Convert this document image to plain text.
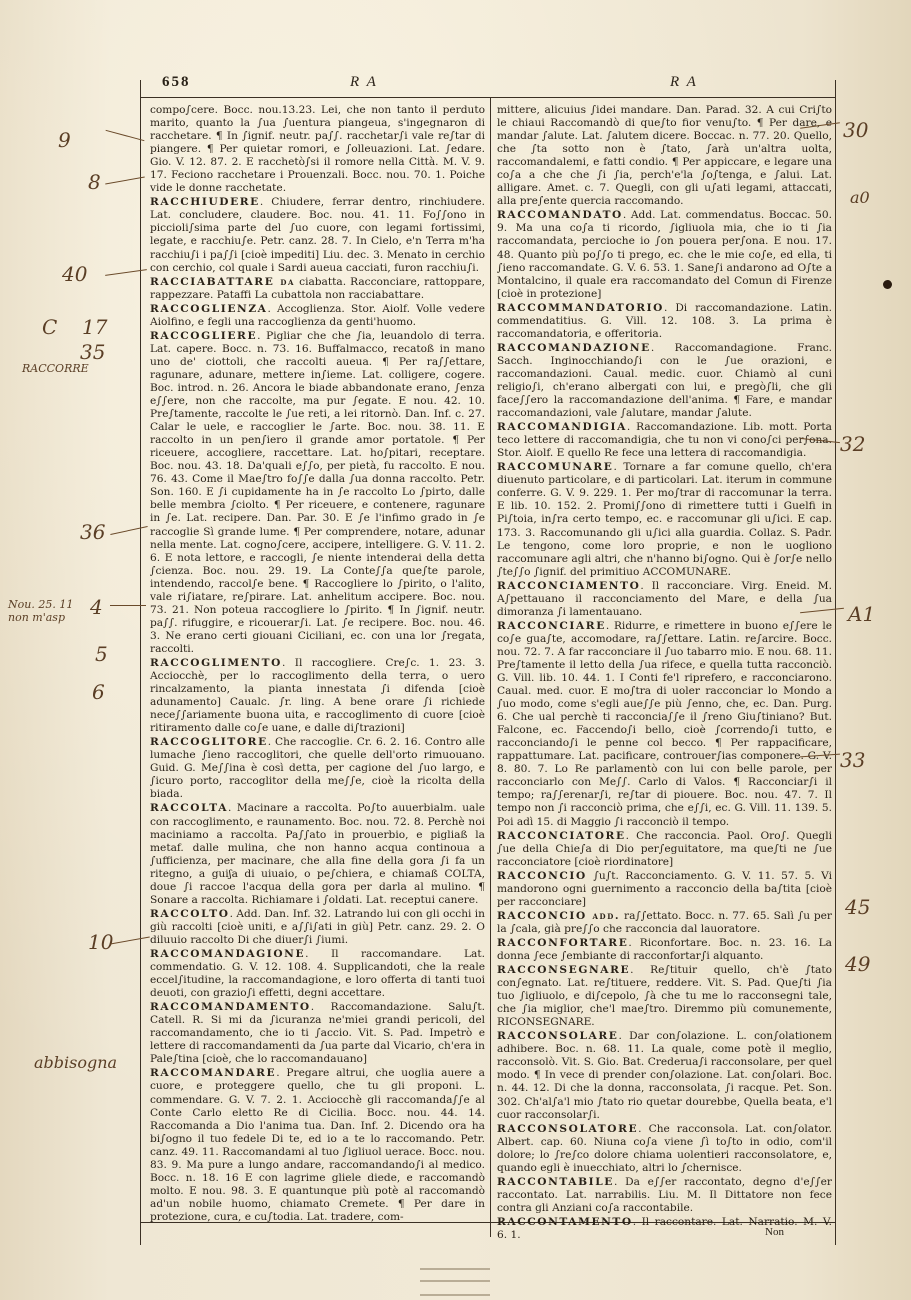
658	R A	R A

compo∫cere. Bocc. nou.13.23. Lei, che non tanto il perduto marito, quanto la ∫ua ∫uentura piangeua, s'ingegnaron di racchetare. ¶ In ∫ignif. neutr. pa∫∫. racchetar∫i vale re∫tar di piangere. ¶ Per quietar romori, e ∫olleuazioni. Lat. ∫edare. Gio. V. 12. 87. 2. E racchetò∫si il romore nella Città. M. V. 9. 17. Feciono racchetare i Prouenzali. Bocc. nou. 70. 1. Poiche vide le donne racchetate.

RACCHIUDERE. Chiudere, ferrar dentro, rinchiudere. Lat. concludere, claudere. Boc. nou. 41. 11. Fo∫∫ono in piccioli∫sima parte del ∫uo cuore, con legami fortissimi, legate, e racchiu∫e. Petr. canz. 28. 7. In Cielo, e'n Terra m'ha racchiu∫i i pa∫∫i [cioè impediti] Liu. dec. 3. Menato in cerchio con cerchio, col quale i Sardi aueua cacciati, furon racchiu∫i.

RACCIABATTARE da ciabatta. Racconciare, rattoppare, rappezzare. Pataffi La cubattola non racciabattare.

RACCOGLIENZA. Accoglienza. Stor. Aiolf. Volle vedere Aiolfino, e fegli una raccoglienza da genti'huomo.

RACCOGLIERE. Pigliar che che ∫ia, leuandolo di terra. Lat. capere. Bocc. n. 73. 16. Buffalmacco, recatoß in mano uno de' ciottoli, che raccolti aueua. ¶ Per ra∫∫ettare, ragunare, adunare, mettere in∫ieme. Lat. colligere, cogere. Boc. introd. n. 26. Ancora le biade abbandonate erano, ∫enza e∫∫ere, non che raccolte, ma pur ∫egate. E nou. 42. 10. Pre∫tamente, raccolte le ∫ue reti, a lei ritornò. Dan. Inf. c. 27. Calar le uele, e raccoglier le ∫arte. Boc. nou. 38. 11. E raccolto in un pen∫iero il grande amor portatole. ¶ Per riceuere, accogliere, raccettare. Lat. ho∫pitari, receptare. Boc. nou. 43. 18. Da'quali e∫∫o, per pietà, fu raccolto. E nou. 76. 43. Come il Mae∫tro fo∫∫e dalla ∫ua donna raccolto. Petr. Son. 160. E ∫i cupidamente ha in ∫e raccolto Lo ∫pirto, dalle belle membra ∫ciolto. ¶ Per riceuere, e contenere, ragunare in ∫e. Lat. recipere. Dan. Par. 30. E ∫e l'infimo grado in ∫e raccoglie Sì grande lume. ¶ Per comprendere, notare, adunar nella mente. Lat. cogno∫cere, accipere, intelligere. G. V. 11. 2. 6. E nota lettore, e raccogli, ∫e niente intenderai della detta ∫cienza. Boc. nou. 29. 19. La Conte∫∫a que∫te parole, intendendo, raccol∫e bene. ¶ Raccogliere lo ∫pirito, o l'alito, vale ri∫iatare, re∫pirare. Lat. anhelitum accipere. Boc. nou. 73. 21. Non poteua raccogliere lo ∫pirito. ¶ In ∫ignif. neutr. pa∫∫. rifuggire, e ricouerar∫i. Lat. ∫e recipere. Boc. nou. 46. 3. Ne erano certi giouani Ciciliani, ec. con una lor ∫regata, raccolti.

RACCOGLIMENTO. Il raccogliere. Cre∫c. 1. 23. 3. Acciocchè, per lo raccoglimento della terra, o uero rincalzamento, la pianta innestata ∫i difenda [cioè adunamento] Caualc. ∫r. ling. A bene orare ∫i richiede nece∫∫ariamente buona uita, e raccoglimento di cuore [cioè ritiramento dalle co∫e uane, e dalle di∫trazioni]

RACCOGLITORE. Che raccoglie. Cr. 6. 2. 16. Contro alle lumache ∫ieno raccoglitori, che quelle dell'orto rimuouano. Guid. G. Me∫∫ina è così detta, per cagione del ∫uo largo, e ∫icuro porto, raccoglitor della me∫∫e, cioè la ricolta della biada.

RACCOLTA. Macinare a raccolta. Po∫to auuerbialm. uale con raccoglimento, e raunamento. Boc. nou. 72. 8. Perchè noi maciniamo a raccolta. Pa∫∫ato in prouerbio, e pigliaß la metaf. dalle mulina, che non hanno acqua continoua a ∫ufficienza, per macinare, che alla fine della gora ∫i fa un ritegno, a guiʃa di uiuaio, o pe∫chiera, e chiamaß COLTA, doue ∫i raccoe l'acqua della gora per darla al mulino. ¶ Sonare a raccolta. Richiamare i ∫oldati. Lat. receptui canere.

RACCOLTO. Add. Dan. Inf. 32. Latrando lui con gli occhi in giù raccolti [cioè uniti, e a∫∫i∫ati in giù] Petr. canz. 29. 2. O diluuio raccolto Di che diuer∫i ∫iumi.

RACCOMANDAGIONE. Il raccomandare. Lat. commendatio. G. V. 12. 108. 4. Supplicandoti, che la reale eccel∫itudine, la raccomandagione, e loro offerta di tanti tuoi deuoti, con grazio∫i effetti, degni accettare.

RACCOMANDAMENTO. Raccomandazione. Salu∫t. Catell. R. Si mi da ∫icuranza ne'miei grandi pericoli, del raccomandamento, che io ti ∫accio. Vit. S. Pad. Impetrò e lettere di raccomandamenti da ∫ua parte dal Vicario, ch'era in Pale∫tina [cioè, che lo raccomandauano]

RACCOMANDARE. Pregare altrui, che uoglia auere a cuore, e proteggere quello, che tu gli proponi. L. commendare. G. V. 7. 2. 1. Acciocchè gli raccomanda∫∫e al Conte Carlo eletto Re di Cicilia. Bocc. nou. 44. 14. Raccomanda a Dio l'anima tua. Dan. Inf. 2. Dicendo ora ha bi∫ogno il tuo fedele Di te, ed io a te lo raccomando. Petr. canz. 49. 11. Raccomandami al tuo ∫igliuol uerace. Bocc. nou. 83. 9. Ma pure a lungo andare, raccomandando∫i al medico. Bocc. n. 18. 16 E con lagrime gliele diede, e raccomandò molto. E nou. 98. 3. E quantunque più potè al raccomandò ad'un nobile huomo, chiamato Cremete. ¶ Per dare in protezione, cura, e cu∫todia. Lat. tradere, com-

mittere, alicuius ∫idei mandare. Dan. Parad. 32. A cui Cri∫to le chiaui Raccomandò di que∫to fior venu∫to. ¶ Per dare, e mandar ∫alute. Lat. ∫alutem dicere. Boccac. n. 77. 20. Quello, che ∫ta sotto non è ∫tato, ∫arà un'altra uolta, raccomandalemi, e fatti condio. ¶ Per appiccare, e legare una co∫a a che che ∫i ∫ia, perch'e'la ∫o∫tenga, e ∫alui. Lat. alligare. Amet. c. 7. Quegli, con gli u∫ati legami, attaccati, alla pre∫ente quercia raccomando.

RACCOMANDATO. Add. Lat. commendatus. Boccac. 50. 9. Ma una co∫a ti ricordo, ∫igliuola mia, che io ti ∫ia raccomandata, percioche io ∫on pouera per∫ona. E nou. 17. 48. Quanto più po∫∫o ti prego, ec. che le mie co∫e, ed ella, ti ∫ieno raccomandate. G. V. 6. 53. 1. Sane∫i andarono ad O∫te a Montalcino, il quale era raccomandato del Comun di Firenze [cioè in protezione]

RACCOMMANDATORIO. Di raccomandazione. Latin. commendatitius. G. Vill. 12. 108. 3. La prima è raccomandatoria, e offeritoria.

RACCOMANDAZIONE. Raccomandagione. Franc. Sacch. Inginocchiando∫i con le ∫ue orazioni, e raccomandazioni. Caual. medic. cuor. Chiamò al cuni religio∫i, ch'erano albergati con lui, e pregò∫li, che gli face∫∫ero la raccomandazione dell'anima. ¶ Fare, e mandar raccomandazioni, vale ∫alutare, mandar ∫alute.

RACCOMANDIGIA. Raccomandazione. Lib. mott. Porta teco lettere di raccomandigia, che tu non vi cono∫ci per∫ona. Stor. Aiolf. E quello Re fece una lettera di raccomandigia.

RACCOMUNARE. Tornare a far comune quello, ch'era diuenuto particolare, e di particolari. Lat. iterum in commune conferre. G. V. 9. 229. 1. Per mo∫trar di raccomunar la terra. E lib. 10. 152. 2. Promi∫∫ono di rimettere tutti i Guelfi in Pi∫toia, in∫ra certo tempo, ec. e raccomunar gli u∫ici. E cap. 173. 3. Raccomunando gli u∫ici alla guardia. Collaz. S. Padr. Le tengono, come loro proprie, e non le uogliono raccomunare agli altri, che n'hanno bi∫ogno. Qui è ∫or∫e nello ∫te∫∫o ∫ignif. del primitiuo ACCOMUNARE.

RACCONCIAMENTO. Il racconciare. Virg. Eneid. M. A∫pettauano il racconciamento del Mare, e della ∫ua dimoranza ∫i lamentauano.

RACCONCIARE. Ridurre, e rimettere in buono e∫∫ere le co∫e gua∫te, accomodare, ra∫∫ettare. Latin. re∫arcire. Bocc. nou. 72. 7. A far racconciare il ∫uo tabarro mio. E nou. 68. 11. Pre∫tamente il letto della ∫ua rifece, e quella tutta racconciò. G. Vill. lib. 10. 44. 1. I Conti fe'l riprefero, e racconciarono. Caual. med. cuor. E mo∫tra di uoler racconciar lo Mondo a ∫uo modo, come s'egli aue∫∫e più ∫enno, che, ec. Dan. Purg. 6. Che ual perchè ti racconcia∫∫e il ∫reno Giu∫tiniano? But. Falcone, ec. Faccendo∫i bello, cioè ∫correndo∫i tutto, e racconciando∫i le penne col becco. ¶ Per rappacificare, rappattumare. Lat. pacificare, controuer∫ias componere. G. V. 8. 80. 7. Lo Re parlamentò con lui con belle parole, per racconciarlo con Me∫∫. Carlo di Valos. ¶ Racconciar∫i il tempo; ra∫∫erenar∫i, re∫tar di piouere. Boc. nou. 47. 7. Il tempo non ∫i racconciò prima, che e∫∫i, ec. G. Vill. 11. 139. 5. Poi adì 15. di Maggio ∫i racconciò il tempo.

RACCONCIATORE. Che racconcia. Paol. Oro∫. Quegli ∫ue della Chie∫a di Dio per∫eguitatore, ma que∫ti ne ∫ue racconciatore [cioè riordinatore]

RACCONCIO ∫u∫t. Racconciamento. G. V. 11. 57. 5. Vi mandorono ogni guernimento a racconcio della ba∫tita [cioè per racconciare]

RACCONCIO add. ra∫∫ettato. Bocc. n. 77. 65. Salì ∫u per la ∫cala, già pre∫∫o che racconcia dal lauoratore.

RACCONFORTARE. Riconfortare. Boc. n. 23. 16. La donna ∫ece ∫embiante di racconfortar∫i alquanto.

RACCONSEGNARE. Re∫tituir quello, ch'è ∫tato con∫egnato. Lat. re∫tituere, reddere. Vit. S. Pad. Que∫ti ∫ia tuo ∫igliuolo, e di∫cepolo, ∫à che tu me lo racconsegni tale, che ∫ia miglior, che'l mae∫tro. Diremmo più comunemente, RICONSEGNARE.

RACCONSOLARE. Dar con∫olazione. L. con∫olationem adhibere. Boc. n. 68. 11. La quale, come potè il meglio, racconsolò. Vit. S. Gio. Bat. Crederua∫i racconsolare, per quel modo. ¶ In vece di prender con∫olazione. Lat. con∫olari. Boc. n. 44. 12. Di che la donna, racconsolata, ∫i racque. Pet. Son. 302. Ch'al∫a'l mio ∫tato rio quetar dourebbe, Quella beata, e'l cuor racconsolar∫i.

RACCONSOLATORE. Che racconsola. Lat. con∫olator. Albert. cap. 60. Niuna co∫a viene ∫ì to∫to in odio, com'il dolore; lo ∫re∫co dolore chiama uolentieri racconsolatore, e, quando egli è inuecchiato, altri lo ∫chernisce.

RACCONTABILE. Da e∫∫er raccontato, degno d'e∫∫er raccontato. Lat. narrabilis. Liu. M. Il Dittatore non fece contra gli Anziani co∫a raccontabile.

RACCONTAMENTO. Il raccontare. Lat. Narratio. M. V. 6. 1.	Non
9
8
40
C 17
35
RACCORRE
36
Nou. 25. 11
non m'asp 4
5
6
10
abbisogna
30
a0
32
A1
33
45
49
